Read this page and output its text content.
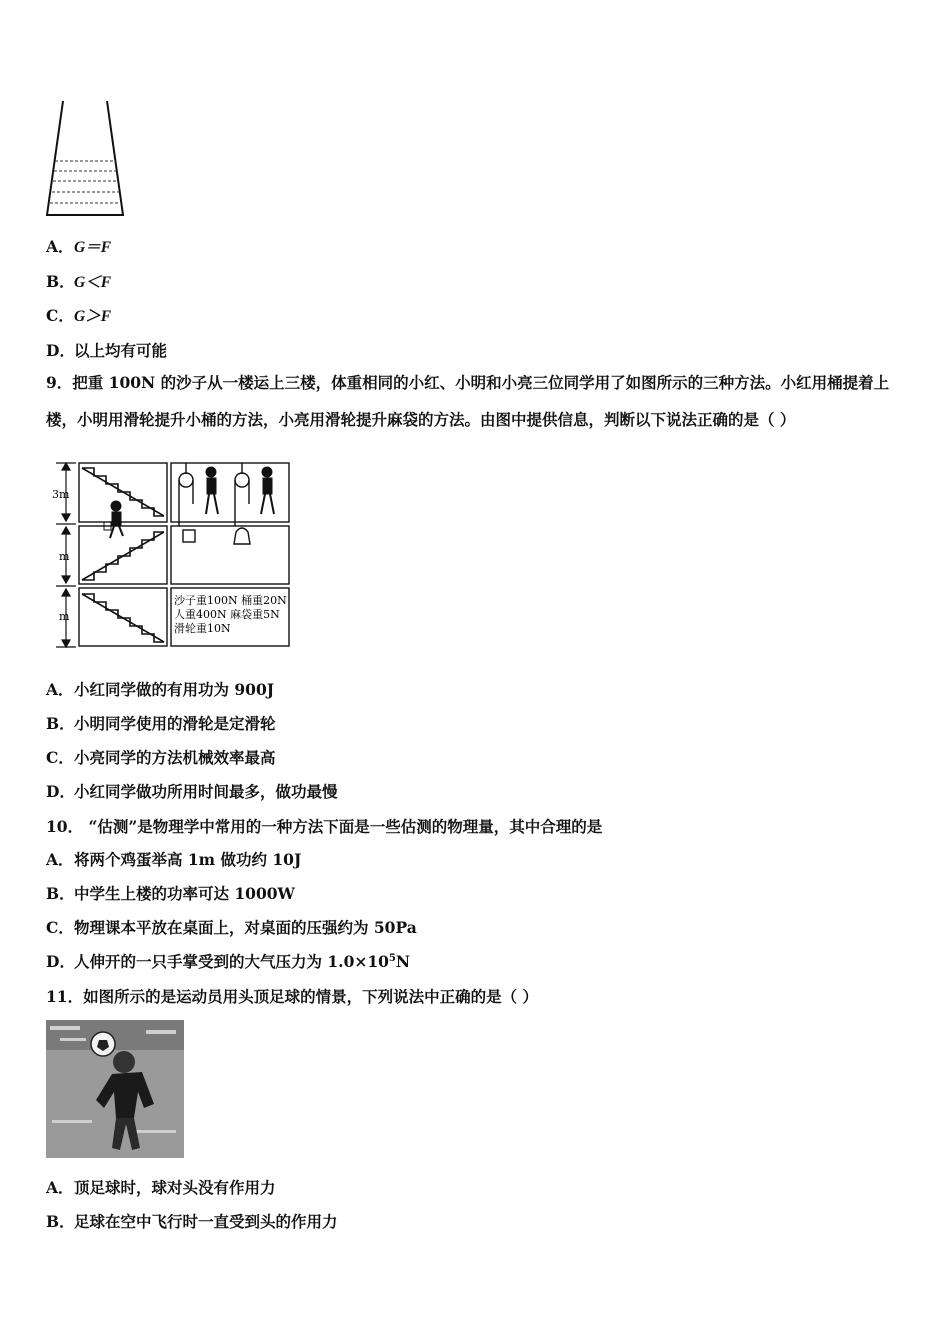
A．G＝F
B．G＜F
C．G＞F
D．以上均有可能
9．把重 100N 的沙子从一楼运上三楼，体重相同的小红、小明和小亮三位同学用了如图所示的三种方法。小红用桶提着上楼，小明用滑轮提升小桶的方法，小亮用滑轮提升麻袋的方法。由图中提供信息，判断以下说法正确的是（ ）
3m
m
m
沙子重100N 桶重20N
人重400N 麻袋重5N
滑轮重10N
A．小红同学做的有用功为 900J
B．小明同学使用的滑轮是定滑轮
C．小亮同学的方法机械效率最高
D．小红同学做功所用时间最多，做功最慢
10． “估测”是物理学中常用的一种方法下面是一些估测的物理量，其中合理的是
A．将两个鸡蛋举高 1m 做功约 10J
B．中学生上楼的功率可达 1000W
C．物理课本平放在桌面上，对桌面的压强约为 50Pa
D．人伸开的一只手掌受到的大气压力为 $1.0\times 10^5N$
11．如图所示的是运动员用头顶足球的情景，下列说法中正确的是（ ）
A．顶足球时，球对头没有作用力
B．足球在空中飞行时一直受到头的作用力
